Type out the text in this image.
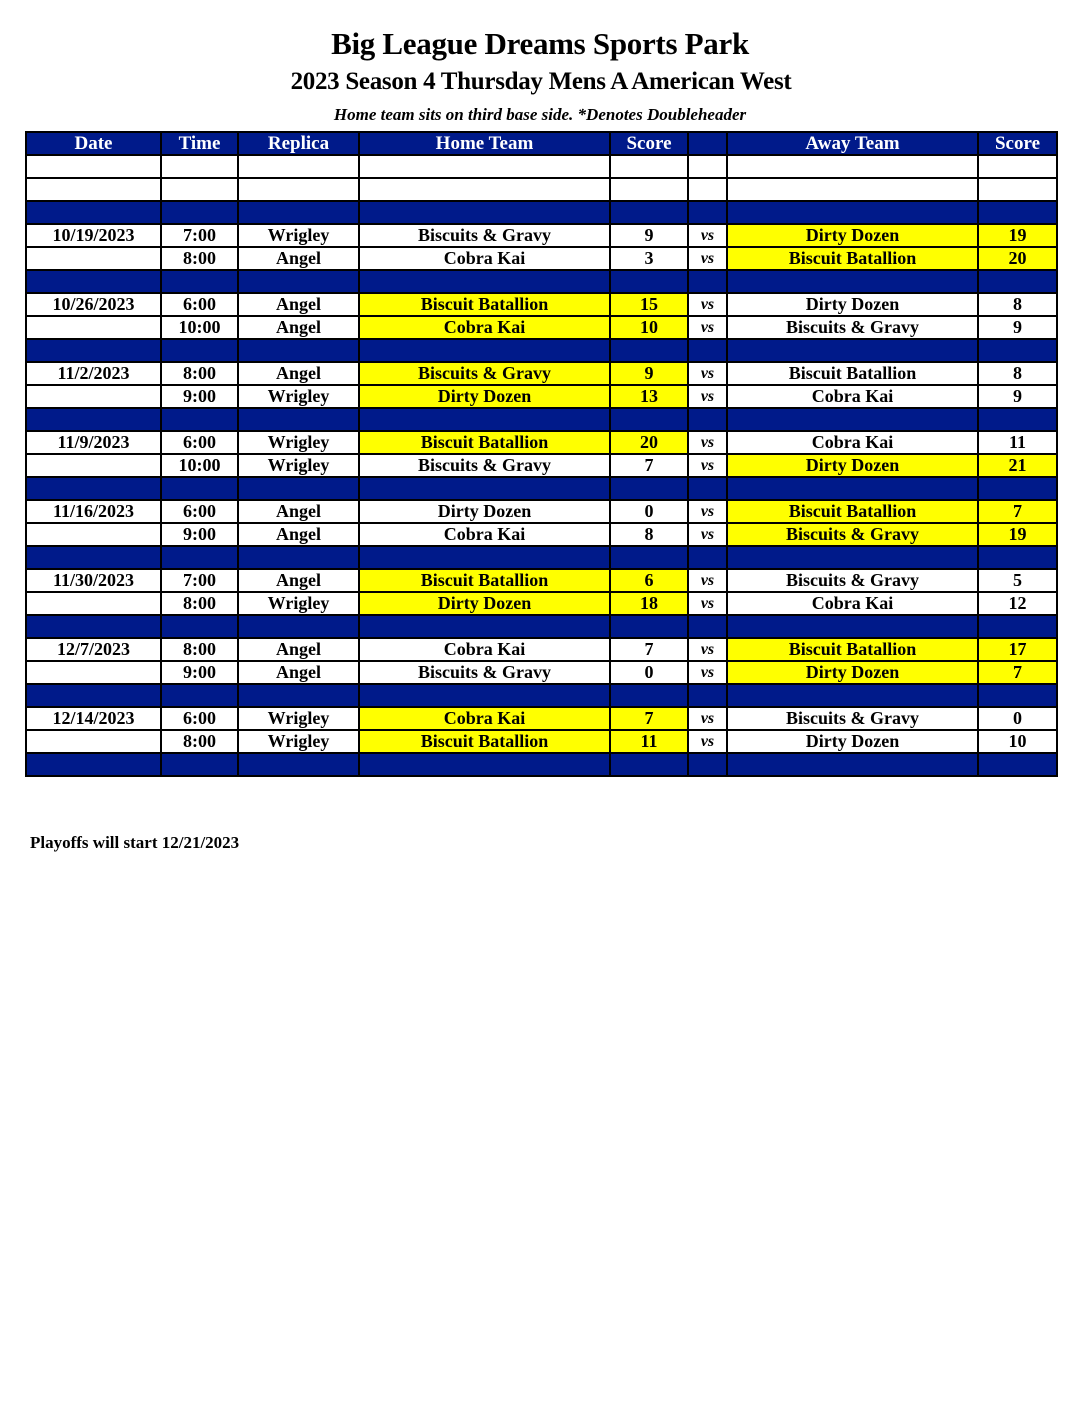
Big League Dreams Sports Park
2023 Season 4 Thursday Mens A American West
Home team sits on third base side. *Denotes Doubleheader
Date	Time	Replica	Home Team	Score		Away Team	Score

10/19/2023	7:00	Wrigley	Biscuits & Gravy	9	vs	Dirty Dozen	19
	8:00	Angel	Cobra Kai	3	vs	Biscuit Batallion	20

10/26/2023	6:00	Angel	Biscuit Batallion	15	vs	Dirty Dozen	8
	10:00	Angel	Cobra Kai	10	vs	Biscuits & Gravy	9

11/2/2023	8:00	Angel	Biscuits & Gravy	9	vs	Biscuit Batallion	8
	9:00	Wrigley	Dirty Dozen	13	vs	Cobra Kai	9

11/9/2023	6:00	Wrigley	Biscuit Batallion	20	vs	Cobra Kai	11
	10:00	Wrigley	Biscuits & Gravy	7	vs	Dirty Dozen	21

11/16/2023	6:00	Angel	Dirty Dozen	0	vs	Biscuit Batallion	7
	9:00	Angel	Cobra Kai	8	vs	Biscuits & Gravy	19

11/30/2023	7:00	Angel	Biscuit Batallion	6	vs	Biscuits & Gravy	5
	8:00	Wrigley	Dirty Dozen	18	vs	Cobra Kai	12

12/7/2023	8:00	Angel	Cobra Kai	7	vs	Biscuit Batallion	17
	9:00	Angel	Biscuits & Gravy	0	vs	Dirty Dozen	7

12/14/2023	6:00	Wrigley	Cobra Kai	7	vs	Biscuits & Gravy	0
	8:00	Wrigley	Biscuit Batallion	11	vs	Dirty Dozen	10

Playoffs will start 12/21/2023
